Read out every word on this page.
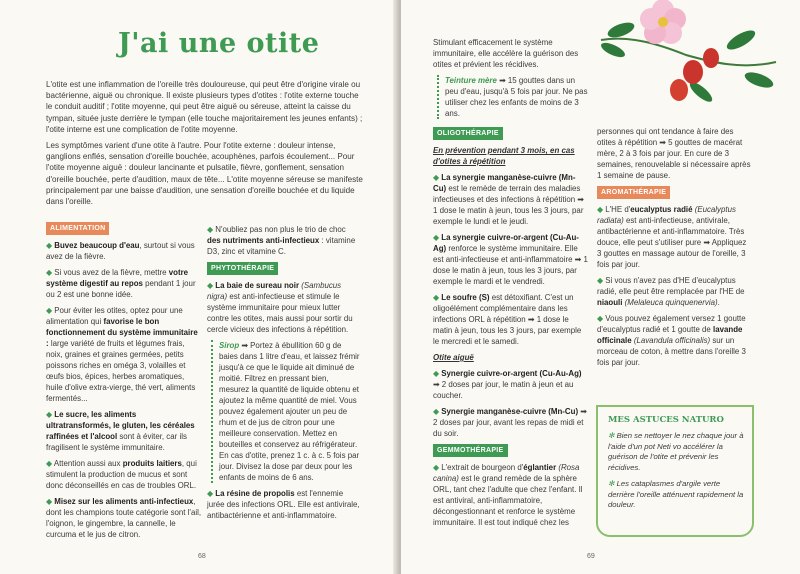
J'ai une otite
L'otite est une inflammation de l'oreille très douloureuse, qui peut être d'origine virale ou bactérienne, aiguë ou chronique. Il existe plusieurs types d'otites : l'otite externe touche le conduit auditif ; l'otite moyenne, qui peut être aiguë ou séreuse, atteint la caisse du tympan, située juste derrière le tympan (elle touche majoritairement les jeunes enfants) ; l'otite interne est une complication de l'otite moyenne.
Les symptômes varient d'une otite à l'autre. Pour l'otite externe : douleur intense, ganglions enflés, sensation d'oreille bouchée, acouphènes, parfois écoulement... Pour l'otite moyenne aiguë : douleur lancinante et pulsatile, fièvre, gonflement, sensation d'oreille bouchée, perte d'audition, maux de tête... L'otite moyenne séreuse se manifeste principalement par une baisse d'audition, une sensation d'oreille bouchée et du liquide dans l'oreille.

ALIMENTATION

◆ Buvez beaucoup d'eau, surtout si vous avez de la fièvre.

◆ Si vous avez de la fièvre, mettre votre système digestif au repos pendant 1 jour ou 2 est une bonne idée.

◆ Pour éviter les otites, optez pour une alimentation qui favorise le bon fonctionnement du système immunitaire : large variété de fruits et légumes frais, noix, graines et graines germées, petits poissons riches en oméga 3, volailles et œufs bios, épices, herbes aromatiques, huile d'olive extra-vierge, thé vert, aliments fermentés...

◆ Le sucre, les aliments ultratransformés, le gluten, les céréales raffinées et l'alcool sont à éviter, car ils fragilisent le système immunitaire.

◆ Attention aussi aux produits laitiers, qui stimulent la production de mucus et sont donc déconseillés en cas de troubles ORL.

◆ Misez sur les aliments anti-infectieux, dont les champions toute catégorie sont l'ail, l'oignon, le gingembre, la cannelle, le curcuma et le jus de citron.

◆ N'oubliez pas non plus le trio de choc des nutriments anti-infectieux : vitamine D3, zinc et vitamine C.

PHYTOTHÉRAPIE

◆ La baie de sureau noir (Sambucus nigra) est anti-infectieuse et stimule le système immunitaire pour mieux lutter contre les otites, mais aussi pour sortir du cercle vicieux des infections à répétition.

Sirop ➡ Portez à ébullition 60 g de baies dans 1 litre d'eau, et laissez frémir jusqu'à ce que le liquide ait diminué de moitié. Filtrez en pressant bien, mesurez la quantité de liquide obtenu et ajoutez la même quantité de miel. Vous pouvez également ajouter un peu de rhum et de jus de citron pour une meilleure conservation. Mettez en bouteilles et conservez au réfrigérateur. En cas d'otite, prenez 1 c. à c. 5 fois par jour. Divisez la dose par deux pour les enfants de moins de 6 ans.

◆ La résine de propolis est l'ennemie jurée des infections ORL. Elle est antivirale, antibactérienne et anti-inflammatoire.

68

Stimulant efficacement le système immunitaire, elle accélère la guérison des otites et prévient les récidives.

Teinture mère ➡ 15 gouttes dans un peu d'eau, jusqu'à 5 fois par jour. Ne pas utiliser chez les enfants de moins de 3 ans.

OLIGOTHÉRAPIE

En prévention pendant 3 mois, en cas d'otites à répétition

◆ La synergie manganèse-cuivre (Mn-Cu) est le remède de terrain des maladies infectieuses et des infections à répétition ➡ 1 dose le matin à jeun, tous les 3 jours, par exemple le lundi et le jeudi.

◆ La synergie cuivre-or-argent (Cu-Au-Ag) renforce le système immunitaire. Elle est anti-infectieuse et anti-inflammatoire ➡ 1 dose le matin à jeun, tous les 3 jours, par exemple le mardi et le vendredi.

◆ Le soufre (S) est détoxifiant. C'est un oligoélément complémentaire dans les infections ORL à répétition ➡ 1 dose le matin à jeun, tous les 3 jours, par exemple le mercredi et le samedi.

Otite aiguë

◆ Synergie cuivre-or-argent (Cu-Au-Ag) ➡ 2 doses par jour, le matin à jeun et au coucher.

◆ Synergie manganèse-cuivre (Mn-Cu) ➡ 2 doses par jour, avant les repas de midi et du soir.

GEMMOTHÉRAPIE

◆ L'extrait de bourgeon d'églantier (Rosa canina) est le grand remède de la sphère ORL, tant chez l'adulte que chez l'enfant. Il est antiviral, anti-inflammatoire, décongestionnant et renforce le système immunitaire. Il est tout indiqué chez les

personnes qui ont tendance à faire des otites à répétition ➡ 5 gouttes de macérat mère, 2 à 3 fois par jour. En cure de 3 semaines, renouvelable si nécessaire après 1 semaine de pause.

AROMATHÉRAPIE

◆ L'HE d'eucalyptus radié (Eucalyptus radiata) est anti-infectieuse, antivirale, antibactérienne et anti-inflammatoire. Très douce, elle peut s'utiliser pure ➡ Appliquez 3 gouttes en massage autour de l'oreille, 3 fois par jour.

◆ Si vous n'avez pas d'HE d'eucalyptus radié, elle peut être remplacée par l'HE de niaouli (Melaleuca quinquenervia).

◆ Vous pouvez également versez 1 goutte d'eucalyptus radié et 1 goutte de lavande officinale (Lavandula officinalis) sur un morceau de coton, à mettre dans l'oreille 3 fois par jour.

MES ASTUCES NATURO

✻ Bien se nettoyer le nez chaque jour à l'aide d'un pot Neti vo accélérer la guérison de l'otite et prévenir les récidives.

✻ Les cataplasmes d'argile verte derrière l'oreille atténuent rapidement la douleur.

69
